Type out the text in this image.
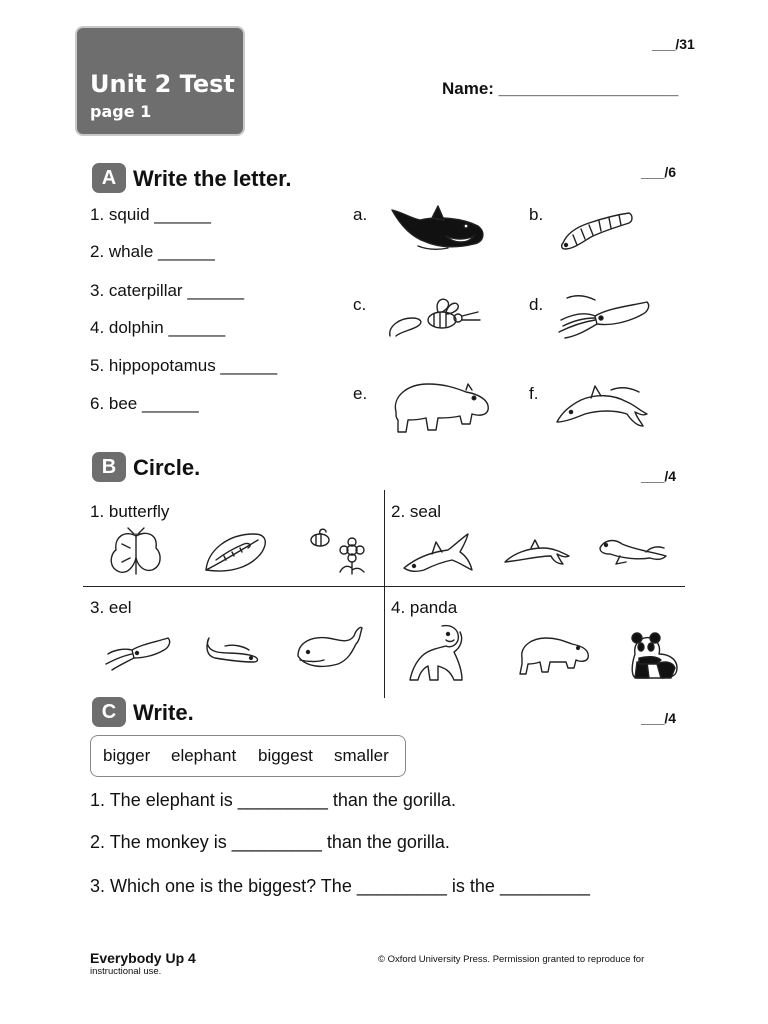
Unit 2 Test
page 1
___/31
Name: ___________________
A Write the letter.	___/6
1. squid ______
2. whale ______
3. caterpillar ______
4. dolphin ______
5. hippopotamus ______
6. bee ______
a.	b.
c.	d.
e.	f.
B Circle.	___/4
1. butterfly	2. seal
3. eel	4. panda
C Write.	___/4
bigger elephant biggest smaller
1. The elephant is _________ than the gorilla.
2. The monkey is _________ than the gorilla.
3. Which one is the biggest? The _________ is the _________
Everybody Up 4
instructional use.
© Oxford University Press. Permission granted to reproduce for
